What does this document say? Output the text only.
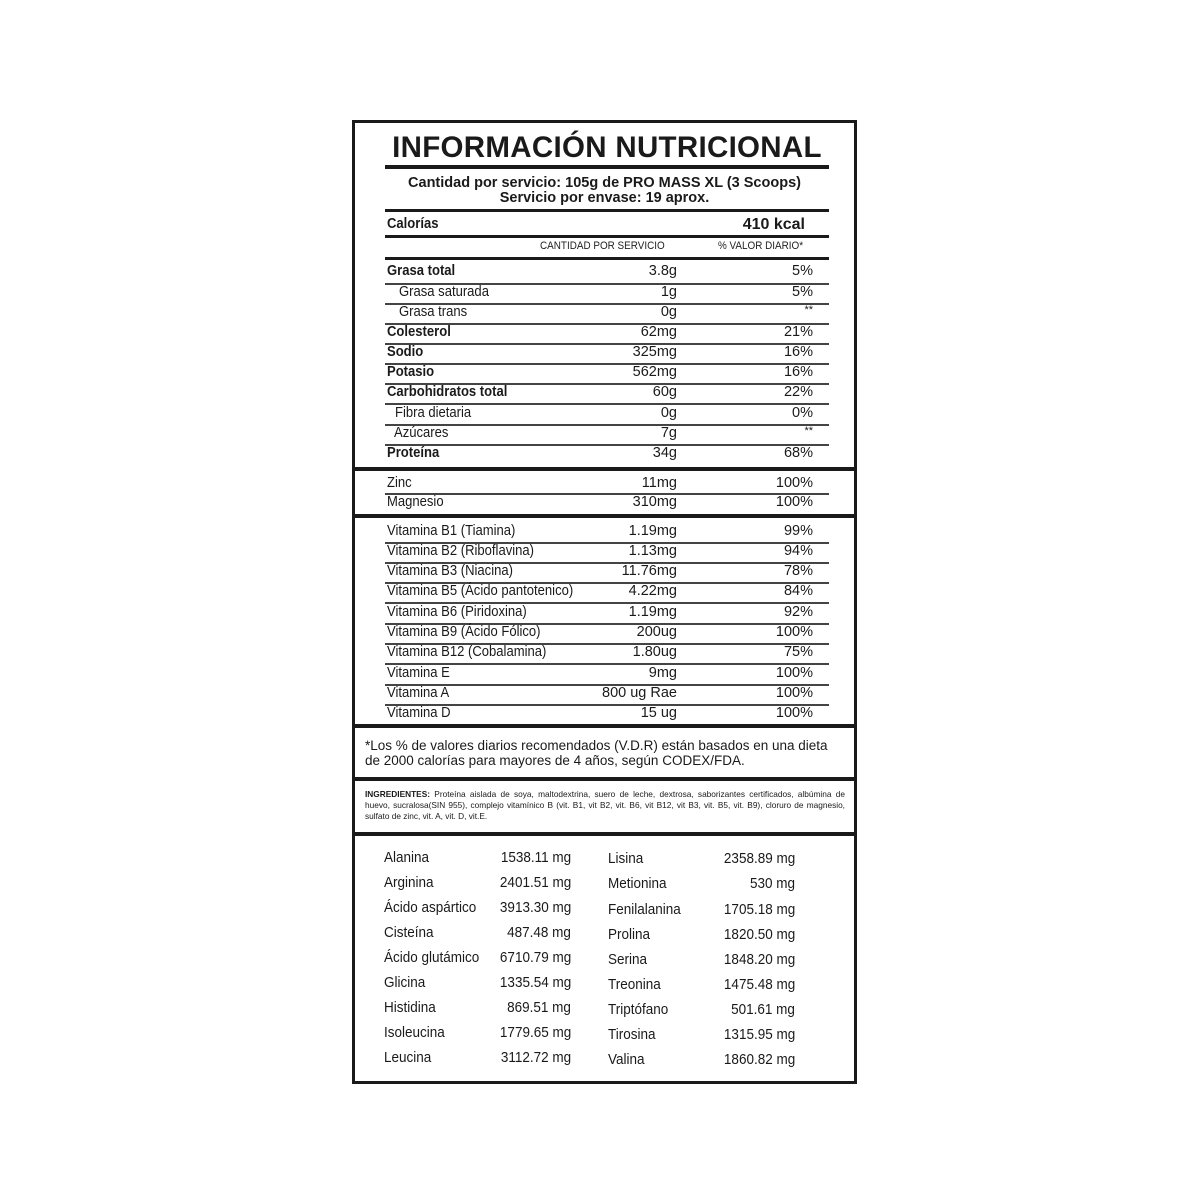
INFORMACIÓN NUTRICIONAL
Cantidad por servicio: 105g de PRO MASS XL (3 Scoops)
Servicio por envase: 19 aprox.
Calorías	410 kcal
CANTIDAD POR SERVICIO	% VALOR DIARIO*
Grasa total	3.8g	5%
Grasa saturada	1g	5%
Grasa trans	0g	**
Colesterol	62mg	21%
Sodio	325mg	16%
Potasio	562mg	16%
Carbohidratos total	60g	22%
Fibra dietaria	0g	0%
Azúcares	7g	**
Proteína	34g	68%
Zinc	11mg	100%
Magnesio	310mg	100%
Vitamina B1 (Tiamina)	1.19mg	99%
Vitamina B2 (Riboflavina)	1.13mg	94%
Vitamina B3 (Niacina)	11.76mg	78%
Vitamina B5 (Ácido pantotenico)	4.22mg	84%
Vitamina B6 (Piridoxina)	1.19mg	92%
Vitamina B9 (Ácido Fólico)	200ug	100%
Vitamina B12 (Cobalamina)	1.80ug	75%
Vitamina E	9mg	100%
Vitamina A	800 ug Rae	100%
Vitamina D	15 ug	100%
*Los % de valores diarios recomendados (V.D.R) están basados en una dieta de 2000 calorías para mayores de 4 años, según CODEX/FDA.
INGREDIENTES: Proteína aislada de soya, maltodextrina, suero de leche, dextrosa, saborizantes certificados, albúmina de huevo, sucralosa(SIN 955), complejo vitamínico B (vit. B1, vit B2, vit. B6, vit B12, vit B3, vit. B5, vit. B9), cloruro de magnesio, sulfato de zinc, vit. A, vit. D, vit.E.
Alanina	1538.11 mg
Arginina	2401.51 mg
Ácido aspártico	3913.30 mg
Cisteína	487.48 mg
Ácido glutámico	6710.79 mg
Glicina	1335.54 mg
Histidina	869.51 mg
Isoleucina	1779.65 mg
Leucina	3112.72 mg
Lisina	2358.89 mg
Metionina	530 mg
Fenilalanina	1705.18 mg
Prolina	1820.50 mg
Serina	1848.20 mg
Treonina	1475.48 mg
Triptófano	501.61 mg
Tirosina	1315.95 mg
Valina	1860.82 mg
